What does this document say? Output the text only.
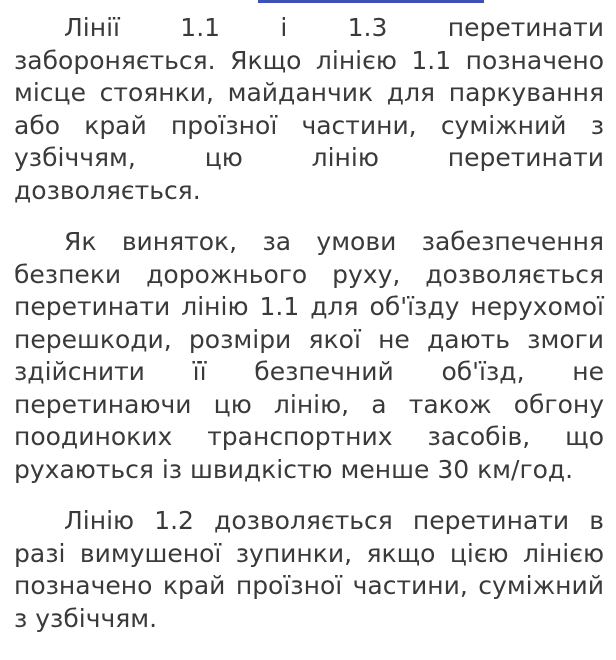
Лінії 1.1 і 1.3 перетинати забороняється. Якщо лінією 1.1 позначено місце стоянки, майданчик для паркування або край проїзної частини, суміжний з узбіччям, цю лінію перетинати дозволяється.

Як виняток, за умови забезпечення безпеки дорожнього руху, дозволяється перетинати лінію 1.1 для об'їзду нерухомої перешкоди, розміри якої не дають змоги здійснити її безпечний об'їзд, не перетинаючи цю лінію, а також обгону поодиноких транспортних засобів, що рухаються із швидкістю менше 30 км/год.

Лінію 1.2 дозволяється перетинати в разі вимушеної зупинки, якщо цією лінією позначено край проїзної частини, суміжний з узбіччям.
